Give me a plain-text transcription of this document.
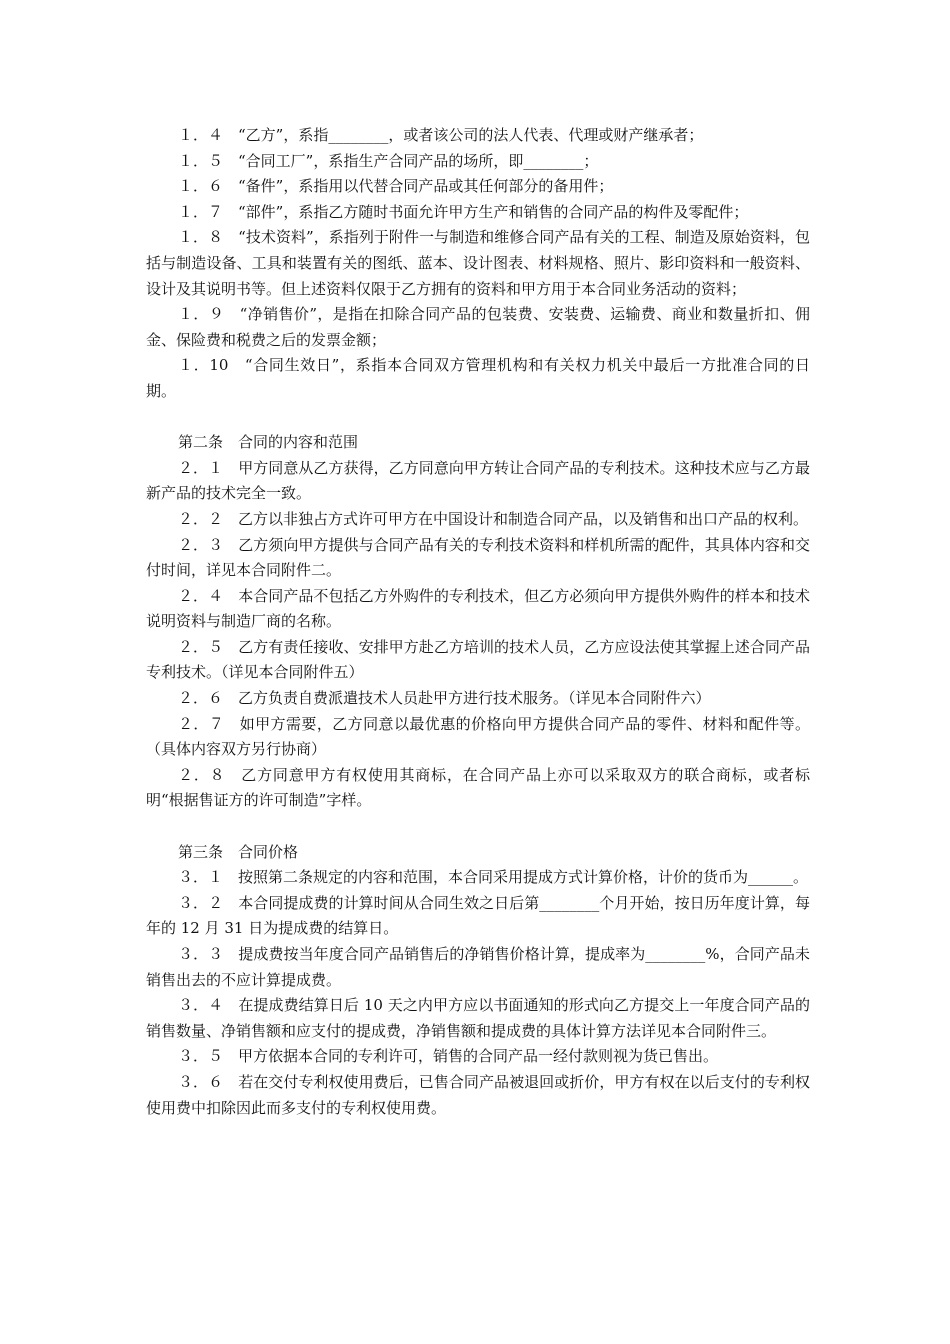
１．４　“乙方”，系指________，或者该公司的法人代表、代理或财产继承者；

１．５　“合同工厂”，系指生产合同产品的场所，即________；

１．６　“备件”，系指用以代替合同产品或其任何部分的备用件；

１．７　“部件”，系指乙方随时书面允许甲方生产和销售的合同产品的构件及零配件；

１．８　“技术资料”，系指列于附件一与制造和维修合同产品有关的工程、制造及原始资料，包括与制造设备、工具和装置有关的图纸、蓝本、设计图表、材料规格、照片、影印资料和一般资料、设计及其说明书等。但上述资料仅限于乙方拥有的资料和甲方用于本合同业务活动的资料；

１．９　“净销售价”，是指在扣除合同产品的包装费、安装费、运输费、商业和数量折扣、佣金、保险费和税费之后的发票金额；

１．10　“合同生效日”，系指本合同双方管理机构和有关权力机关中最后一方批准合同的日期。

第二条　合同的内容和范围

２．１　甲方同意从乙方获得，乙方同意向甲方转让合同产品的专利技术。这种技术应与乙方最新产品的技术完全一致。

２．２　乙方以非独占方式许可甲方在中国设计和制造合同产品，以及销售和出口产品的权利。

２．３　乙方须向甲方提供与合同产品有关的专利技术资料和样机所需的配件，其具体内容和交付时间，详见本合同附件二。

２．４　本合同产品不包括乙方外购件的专利技术，但乙方必须向甲方提供外购件的样本和技术说明资料与制造厂商的名称。

２．５　乙方有责任接收、安排甲方赴乙方培训的技术人员，乙方应设法使其掌握上述合同产品专利技术。（详见本合同附件五）

２．６　乙方负责自费派遣技术人员赴甲方进行技术服务。（详见本合同附件六）

２．７　如甲方需要，乙方同意以最优惠的价格向甲方提供合同产品的零件、材料和配件等。（具体内容双方另行协商）

２．８　乙方同意甲方有权使用其商标，在合同产品上亦可以采取双方的联合商标，或者标明“根据售证方的许可制造”字样。

第三条　合同价格

３．１　按照第二条规定的内容和范围，本合同采用提成方式计算价格，计价的货币为______。

３．２　本合同提成费的计算时间从合同生效之日后第________个月开始，按日历年度计算，每年的 12 月 31 日为提成费的结算日。

３．３　提成费按当年度合同产品销售后的净销售价格计算，提成率为________%，合同产品未销售出去的不应计算提成费。

３．４　在提成费结算日后 10 天之内甲方应以书面通知的形式向乙方提交上一年度合同产品的销售数量、净销售额和应支付的提成费，净销售额和提成费的具体计算方法详见本合同附件三。

３．５　甲方依据本合同的专利许可，销售的合同产品一经付款则视为货已售出。

３．６　若在交付专利权使用费后，已售合同产品被退回或折价，甲方有权在以后支付的专利权使用费中扣除因此而多支付的专利权使用费。
